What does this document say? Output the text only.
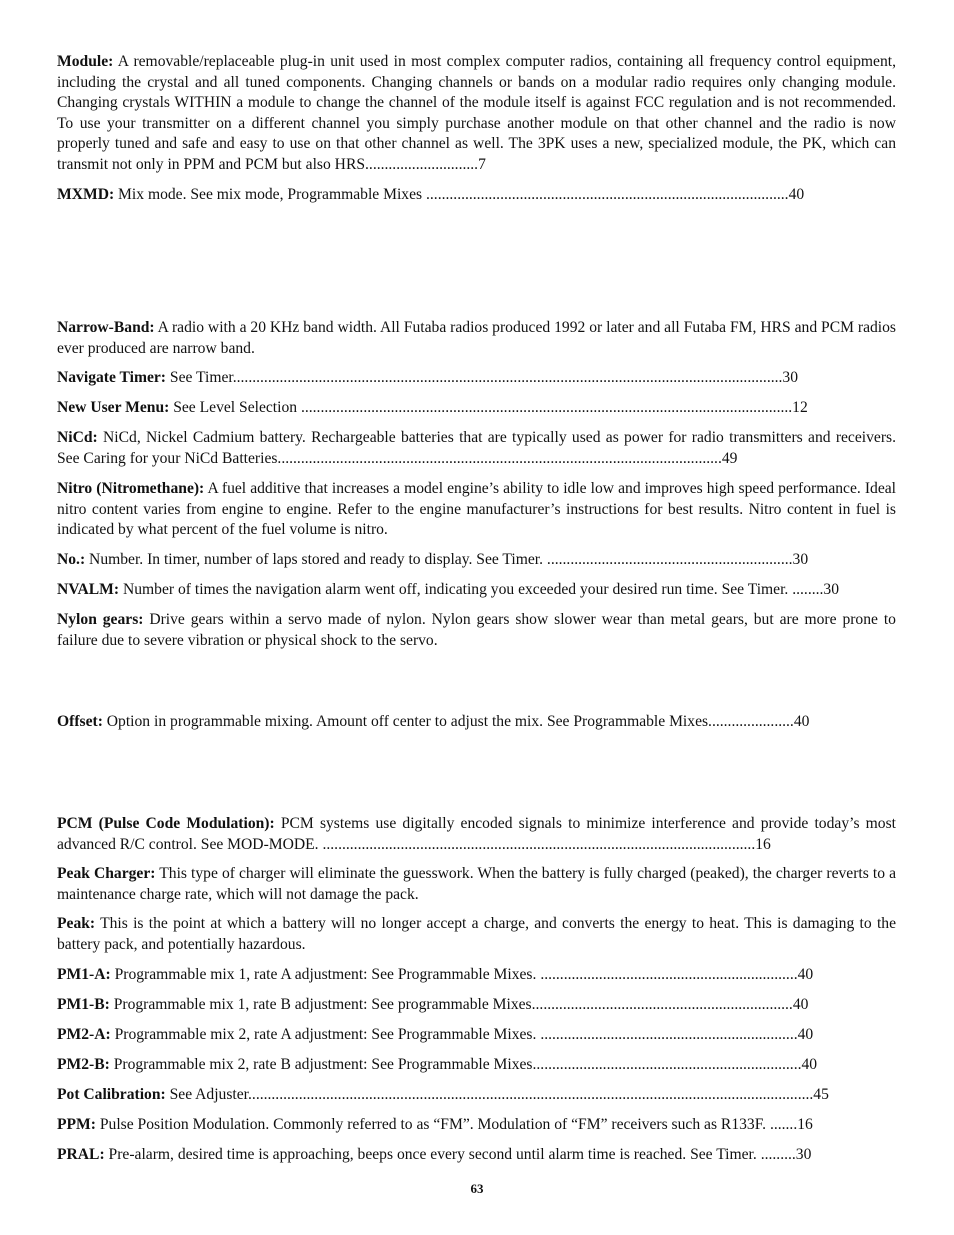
Module: A removable/replaceable plug-in unit used in most complex computer radios, containing all frequency control equipment, including the crystal and all tuned components. Changing channels or bands on a modular radio requires only changing module. Changing crystals WITHIN a module to change the channel of the module itself is against FCC regulation and is not recommended. To use your transmitter on a different channel you simply purchase another module on that other channel and the radio is now properly tuned and safe and easy to use on that other channel as well. The 3PK uses a new, specialized module, the PK, which can transmit not only in PPM and PCM but also HRS.............................7

MXMD: Mix mode. See mix mode, Programmable Mixes .............................................................................................40

Narrow-Band: A radio with a 20 KHz band width. All Futaba radios produced 1992 or later and all Futaba FM, HRS and PCM radios ever produced are narrow band.

Navigate Timer: See Timer.............................................................................................................................................30

New User Menu: See Level Selection ..............................................................................................................................12

NiCd: NiCd, Nickel Cadmium battery. Rechargeable batteries that are typically used as power for radio transmitters and receivers. See Caring for your NiCd Batteries..................................................................................................................49

Nitro (Nitromethane): A fuel additive that increases a model engine’s ability to idle low and improves high speed performance. Ideal nitro content varies from engine to engine. Refer to the engine manufacturer’s instructions for best results. Nitro content in fuel is indicated by what percent of the fuel volume is nitro.

No.: Number. In timer, number of laps stored and ready to display. See Timer. ...............................................................30

NVALM: Number of times the navigation alarm went off, indicating you exceeded your desired run time. See Timer. ........30

Nylon gears: Drive gears within a servo made of nylon. Nylon gears show slower wear than metal gears, but are more prone to failure due to severe vibration or physical shock to the servo.

Offset: Option in programmable mixing. Amount off center to adjust the mix. See Programmable Mixes......................40

PCM (Pulse Code Modulation): PCM systems use digitally encoded signals to minimize interference and provide today’s most advanced R/C control. See MOD-MODE. ...............................................................................................................16

Peak Charger: This type of charger will eliminate the guesswork. When the battery is fully charged (peaked), the charger reverts to a maintenance charge rate, which will not damage the pack.

Peak: This is the point at which a battery will no longer accept a charge, and converts the energy to heat. This is damaging to the battery pack, and potentially hazardous.

PM1-A: Programmable mix 1, rate A adjustment: See Programmable Mixes. ..................................................................40

PM1-B: Programmable mix 1, rate B adjustment: See programmable Mixes...................................................................40

PM2-A: Programmable mix 2, rate A adjustment: See Programmable Mixes. ..................................................................40

PM2-B: Programmable mix 2, rate B adjustment: See Programmable Mixes.....................................................................40

Pot Calibration: See Adjuster.................................................................................................................................................45

PPM: Pulse Position Modulation. Commonly referred to as “FM”. Modulation of “FM” receivers such as R133F. .......16

PRAL: Pre-alarm, desired time is approaching, beeps once every second until alarm time is reached. See Timer. .........30

63
